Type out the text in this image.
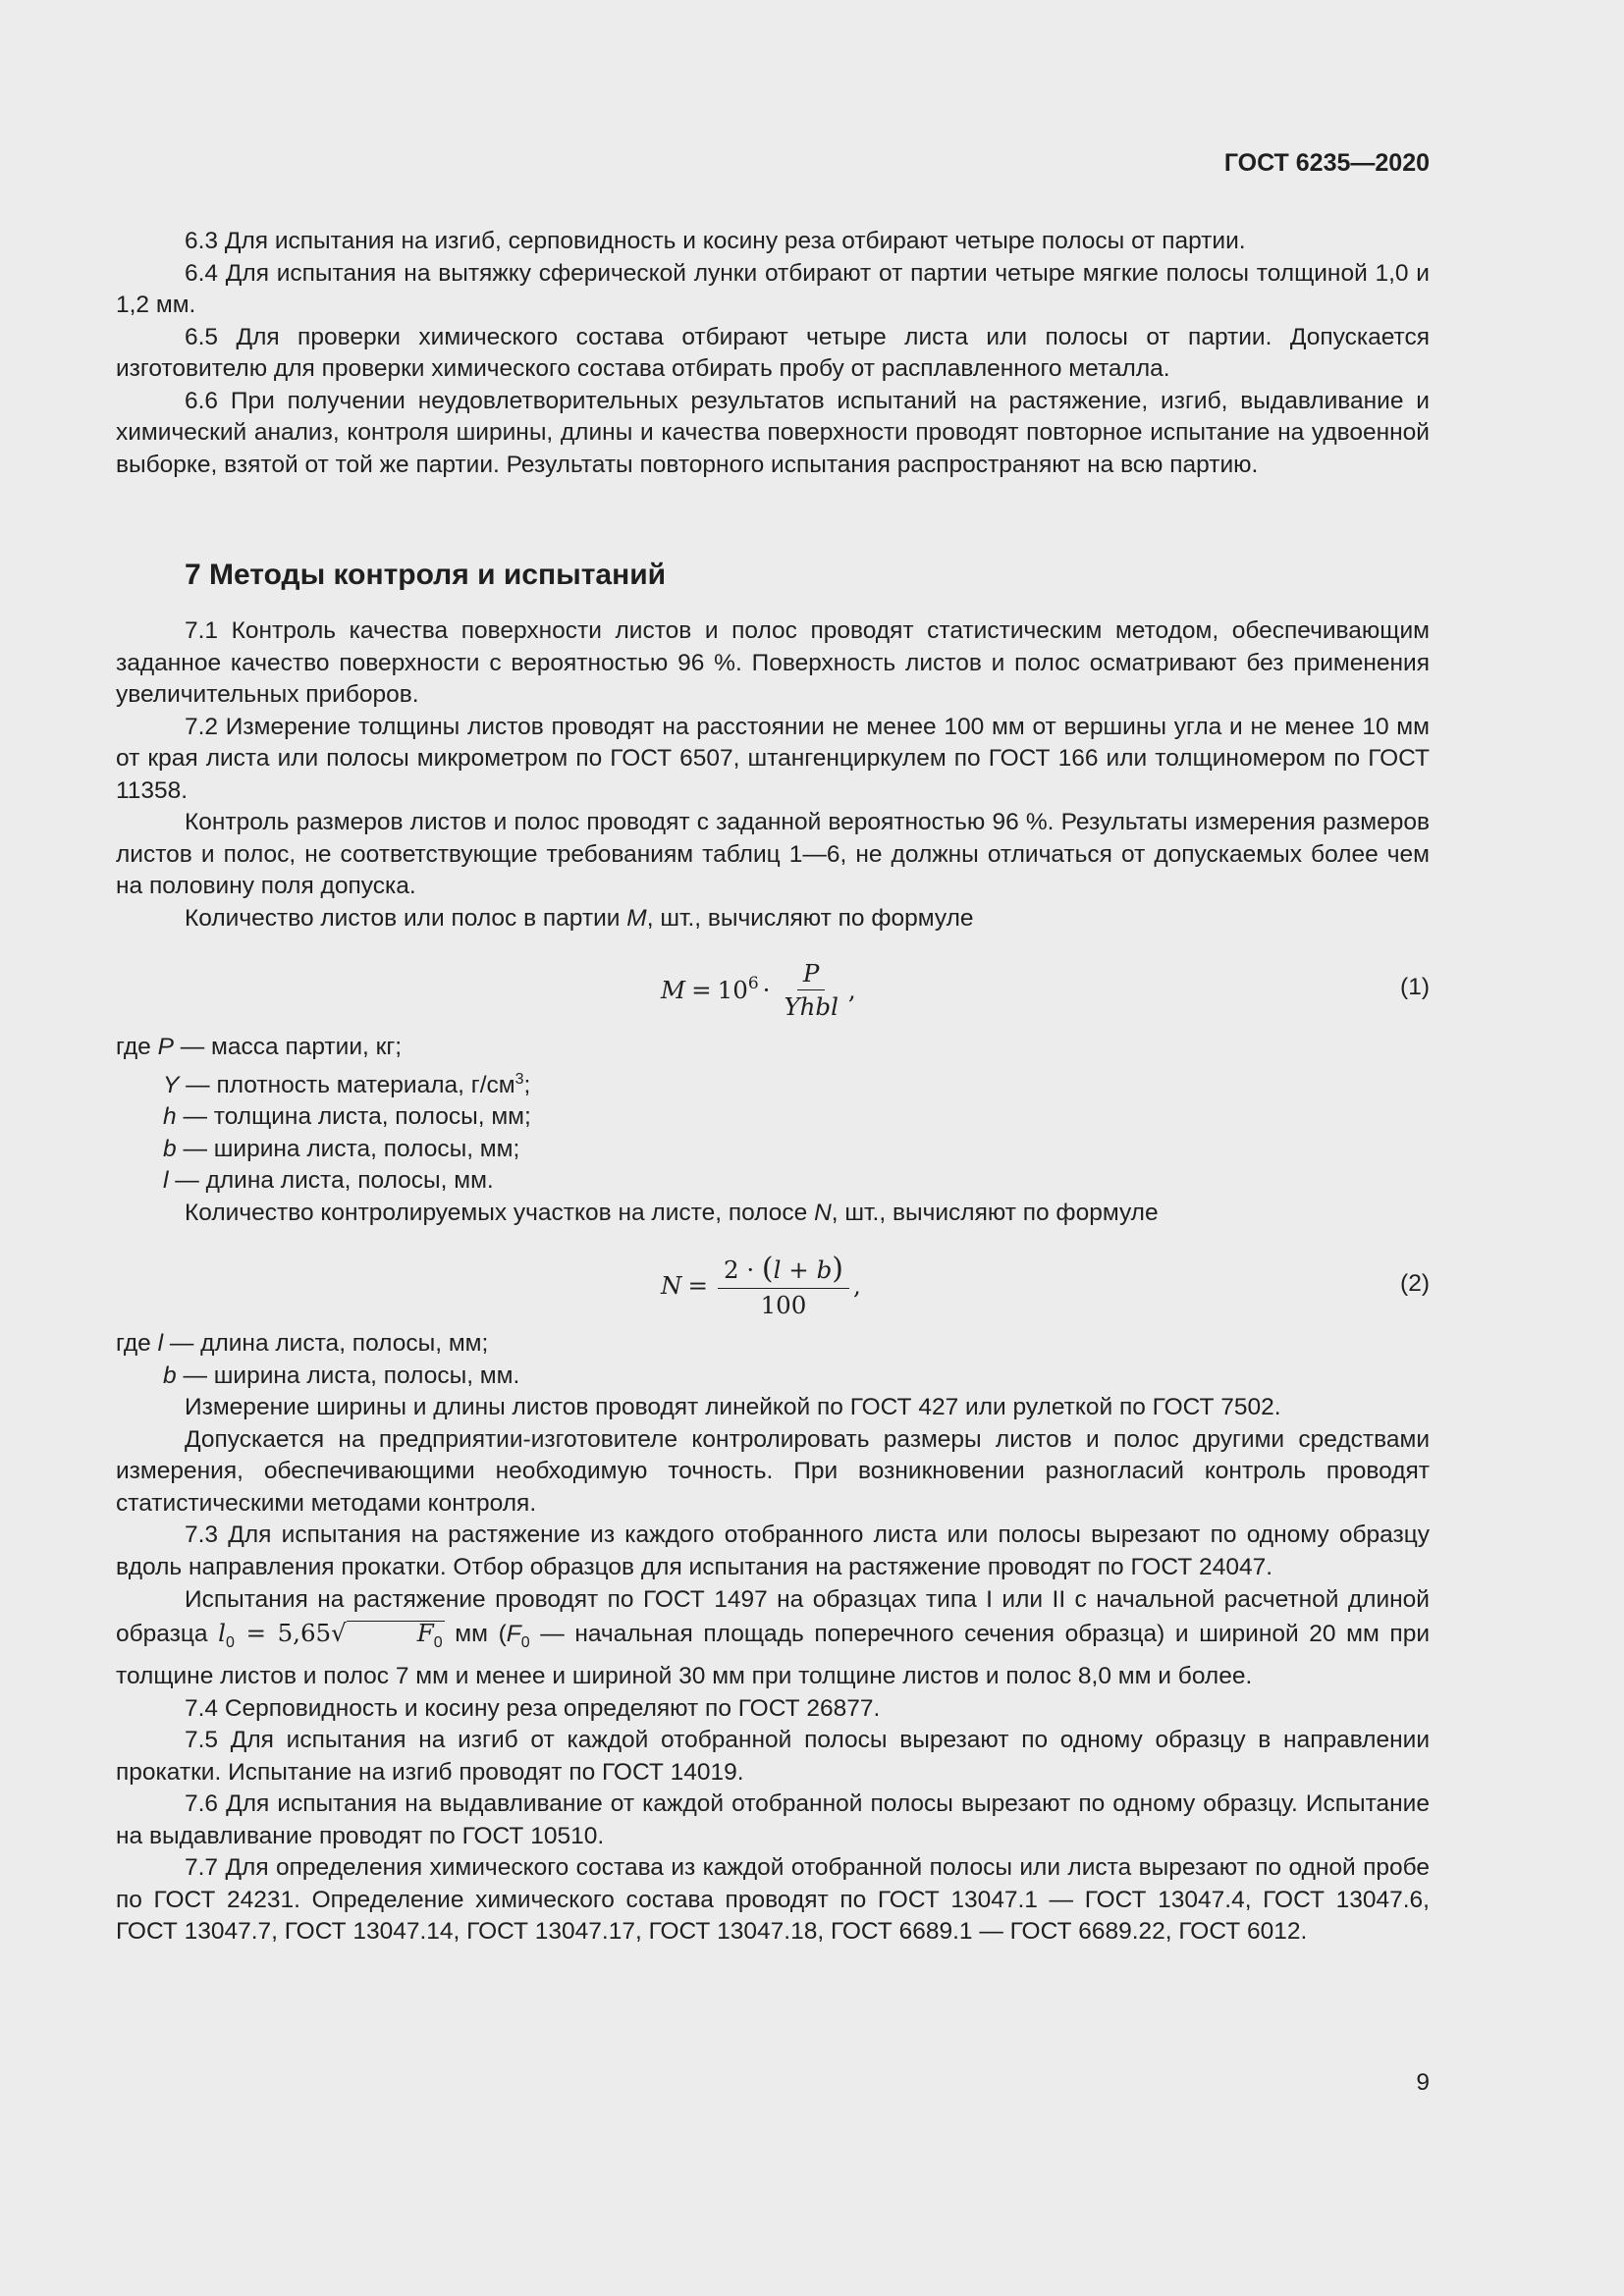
ГОСТ 6235—2020

6.3 Для испытания на изгиб, серповидность и косину реза отбирают четыре полосы от партии.

6.4 Для испытания на вытяжку сферической лунки отбирают от партии четыре мягкие полосы толщиной 1,0 и 1,2 мм.

6.5 Для проверки химического состава отбирают четыре листа или полосы от партии. Допускается изготовителю для проверки химического состава отбирать пробу от расплавленного металла.

6.6 При получении неудовлетворительных результатов испытаний на растяжение, изгиб, выдавливание и химический анализ, контроля ширины, длины и качества поверхности проводят повторное испытание на удвоенной выборке, взятой от той же партии. Результаты повторного испытания распространяют на всю партию.

7 Методы контроля и испытаний

7.1 Контроль качества поверхности листов и полос проводят статистическим методом, обеспечивающим заданное качество поверхности с вероятностью 96 %. Поверхность листов и полос осматривают без применения увеличительных приборов.

7.2 Измерение толщины листов проводят на расстоянии не менее 100 мм от вершины угла и не менее 10 мм от края листа или полосы микрометром по ГОСТ 6507, штангенциркулем по ГОСТ 166 или толщиномером по ГОСТ 11358.

Контроль размеров листов и полос проводят с заданной вероятностью 96 %. Результаты измерения размеров листов и полос, не соответствующие требованиям таблиц 1—6, не должны отличаться от допускаемых более чем на половину поля допуска.

Количество листов или полос в партии M, шт., вычисляют по формуле

$M = 10^6 \cdot \frac{P}{\text{Yhbl}}$ ,	(1)

где P — масса партии, кг;

Y — плотность материала, $г/см^3$;

h — толщина листа, полосы, мм;

b — ширина листа, полосы, мм;

l — длина листа, полосы, мм.

Количество контролируемых участков на листе, полосе N, шт., вычисляют по формуле

$N = \frac{2 \cdot (l + b)}{100}$ ,	(2)

где l — длина листа, полосы, мм;

b — ширина листа, полосы, мм.

Измерение ширины и длины листов проводят линейкой по ГОСТ 427 или рулеткой по ГОСТ 7502.

Допускается на предприятии-изготовителе контролировать размеры листов и полос другими средствами измерения, обеспечивающими необходимую точность. При возникновении разногласий контроль проводят статистическими методами контроля.

7.3 Для испытания на растяжение из каждого отобранного листа или полосы вырезают по одному образцу вдоль направления прокатки. Отбор образцов для испытания на растяжение проводят по ГОСТ 24047.

Испытания на растяжение проводят по ГОСТ 1497 на образцах типа I или II с начальной расчетной длиной образца $l_0 = 5,65√$	$F_0$ мм ($F_0$ — начальная площадь поперечного сечения образца) и шириной 20 мм при толщине листов и полос 7 мм и менее и шириной 30 мм при толщине листов и полос 8,0 мм и более.

7.4 Серповидность и косину реза определяют по ГОСТ 26877.

7.5 Для испытания на изгиб от каждой отобранной полосы вырезают по одному образцу в направлении прокатки. Испытание на изгиб проводят по ГОСТ 14019.

7.6 Для испытания на выдавливание от каждой отобранной полосы вырезают по одному образцу. Испытание на выдавливание проводят по ГОСТ 10510.

7.7 Для определения химического состава из каждой отобранной полосы или листа вырезают по одной пробе по ГОСТ 24231. Определение химического состава проводят по ГОСТ 13047.1 — ГОСТ 13047.4, ГОСТ 13047.6, ГОСТ 13047.7, ГОСТ 13047.14, ГОСТ 13047.17, ГОСТ 13047.18, ГОСТ 6689.1 — ГОСТ 6689.22, ГОСТ 6012.

9
